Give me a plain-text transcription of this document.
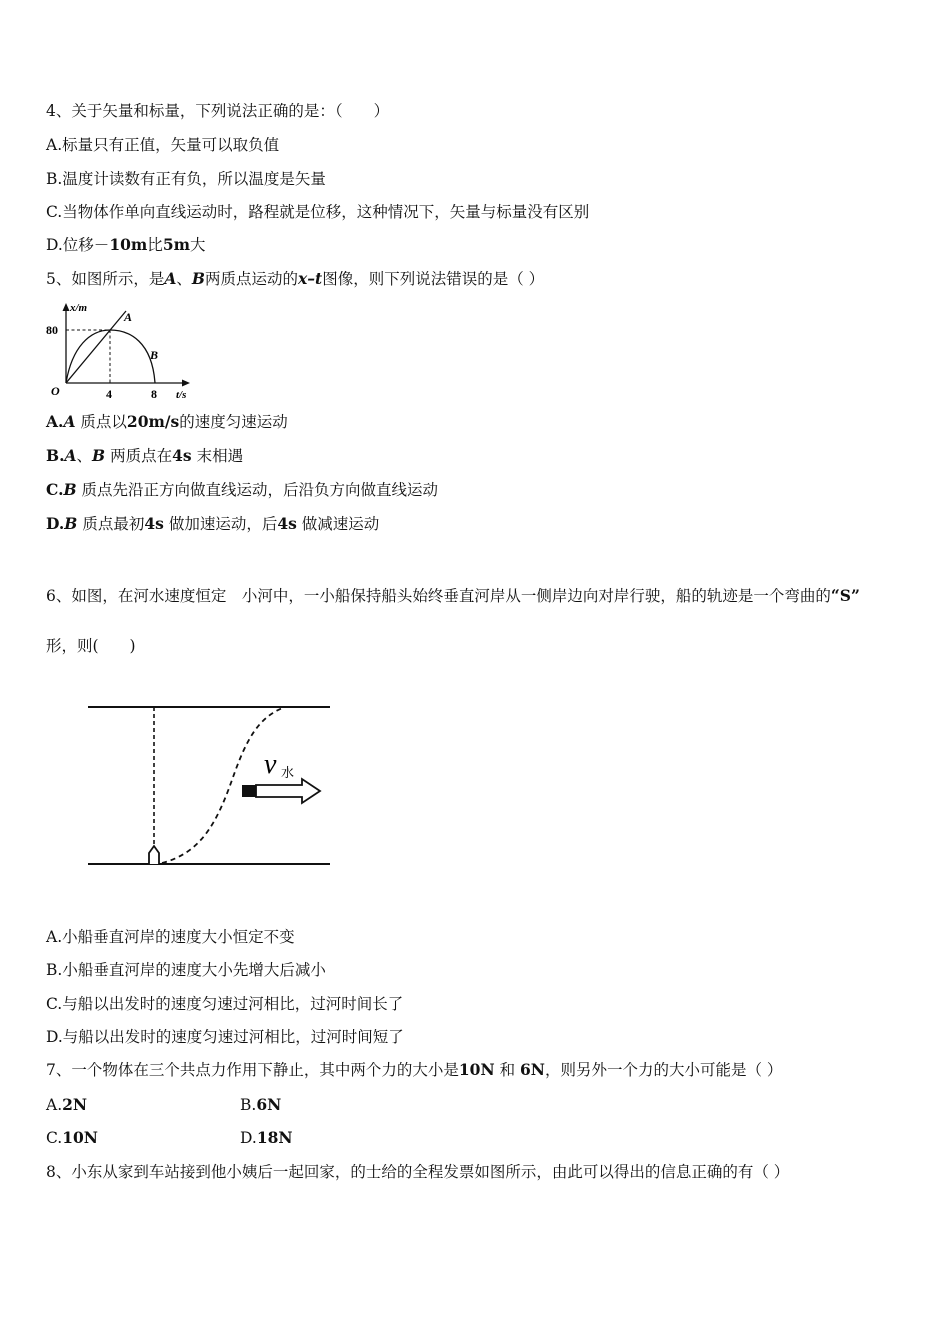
4、关于矢量和标量，下列说法正确的是：（　　）
A.标量只有正值，矢量可以取负值
B.温度计读数有正有负，所以温度是矢量
C.当物体作单向直线运动时，路程就是位移，这种情况下，矢量与标量没有区别
D.位移－10m比5m大
5、如图所示，是A、B两质点运动的x–t图像，则下列说法错误的是（ ）
x/m
80
O	4	8 t/s
A
B
A.A 质点以20m/s的速度匀速运动
B.A、B 两质点在4s 末相遇
C.B 质点先沿正方向做直线运动，后沿负方向做直线运动
D.B 质点最初4s 做加速运动，后4s 做减速运动
6、如图，在河水速度恒定　小河中，一小船保持船头始终垂直河岸从一侧岸边向对岸行驶，船的轨迹是一个弯曲的“S”
形，则(　　)
v 水
A.小船垂直河岸的速度大小恒定不变
B.小船垂直河岸的速度大小先增大后减小
C.与船以出发时的速度匀速过河相比，过河时间长了
D.与船以出发时的速度匀速过河相比，过河时间短了
7、一个物体在三个共点力作用下静止，其中两个力的大小是10N 和 6N，则另外一个力的大小可能是（ ）
A.2N	B.6N
C.10N	D.18N
8、小东从家到车站接到他小姨后一起回家，的士给的全程发票如图所示，由此可以得出的信息正确的有（ ）
